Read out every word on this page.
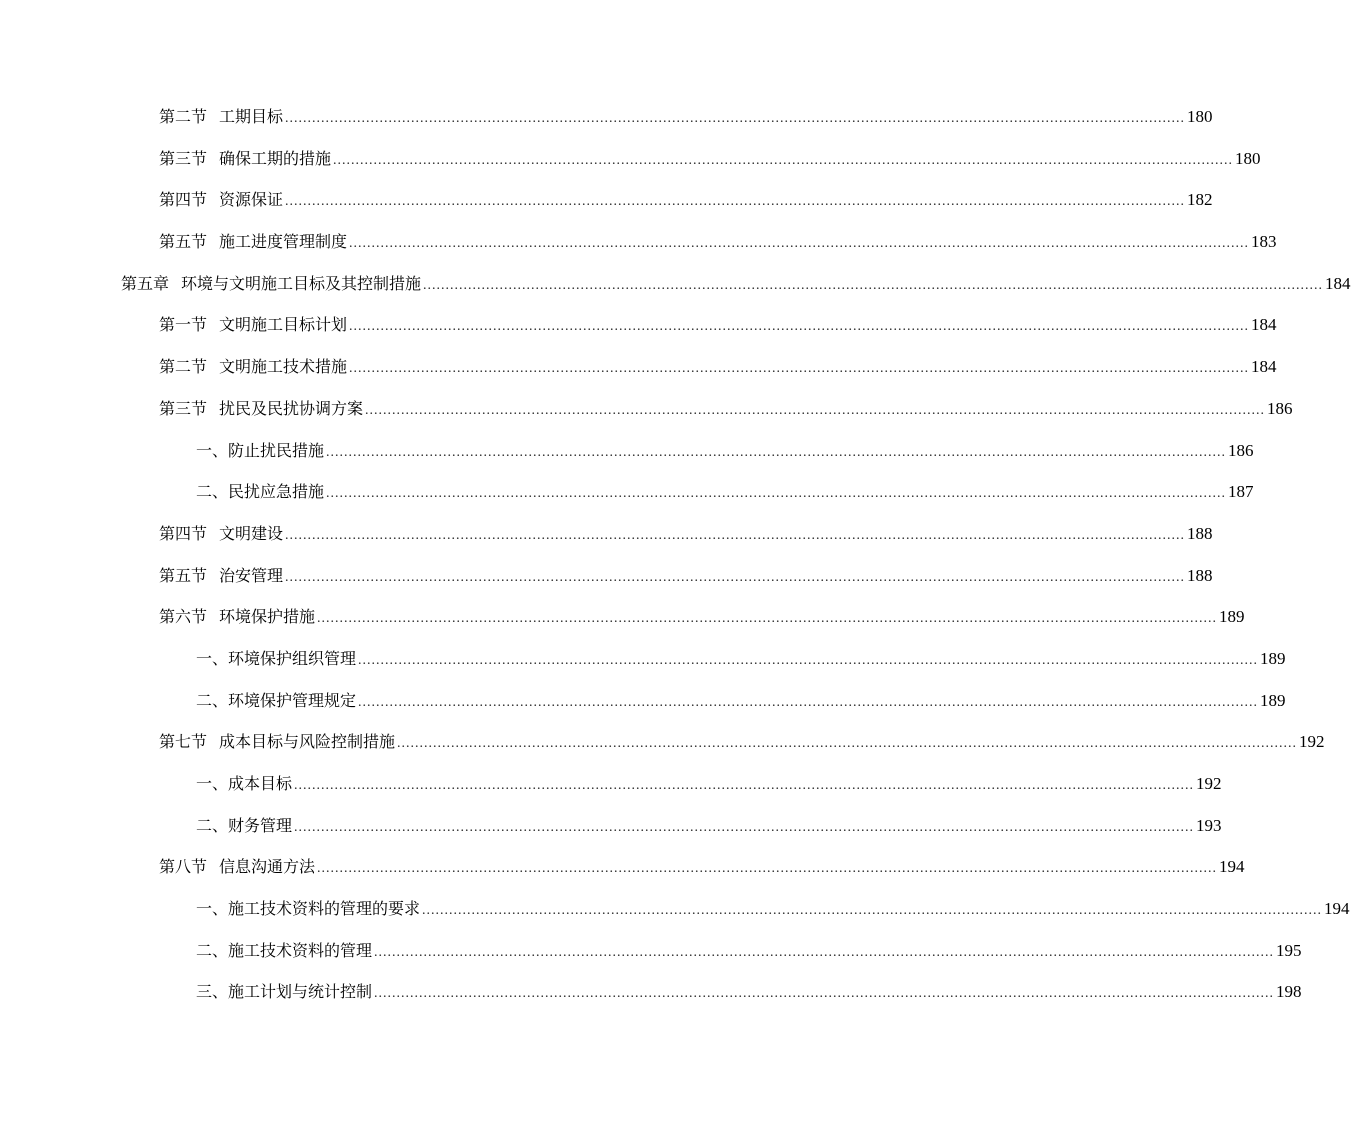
第二节 工期目标 ........................................................................................................................................................................................................ 180
第三节 确保工期的措施 ........................................................................................................................................................................................................ 180
第四节 资源保证 ........................................................................................................................................................................................................ 182
第五节 施工进度管理制度 ........................................................................................................................................................................................................ 183
第五章 环境与文明施工目标及其控制措施 ........................................................................................................................................................................................................ 184
第一节 文明施工目标计划 ........................................................................................................................................................................................................ 184
第二节 文明施工技术措施 ........................................................................................................................................................................................................ 184
第三节 扰民及民扰协调方案 ........................................................................................................................................................................................................ 186
一、防止扰民措施 ........................................................................................................................................................................................................ 186
二、民扰应急措施 ........................................................................................................................................................................................................ 187
第四节 文明建设 ........................................................................................................................................................................................................ 188
第五节 治安管理 ........................................................................................................................................................................................................ 188
第六节 环境保护措施 ........................................................................................................................................................................................................ 189
一、环境保护组织管理 ........................................................................................................................................................................................................ 189
二、环境保护管理规定 ........................................................................................................................................................................................................ 189
第七节 成本目标与风险控制措施 ........................................................................................................................................................................................................ 192
一、成本目标 ........................................................................................................................................................................................................ 192
二、财务管理 ........................................................................................................................................................................................................ 193
第八节 信息沟通方法 ........................................................................................................................................................................................................ 194
一、施工技术资料的管理的要求 ........................................................................................................................................................................................................ 194
二、施工技术资料的管理 ........................................................................................................................................................................................................ 195
三、施工计划与统计控制 ........................................................................................................................................................................................................ 198
